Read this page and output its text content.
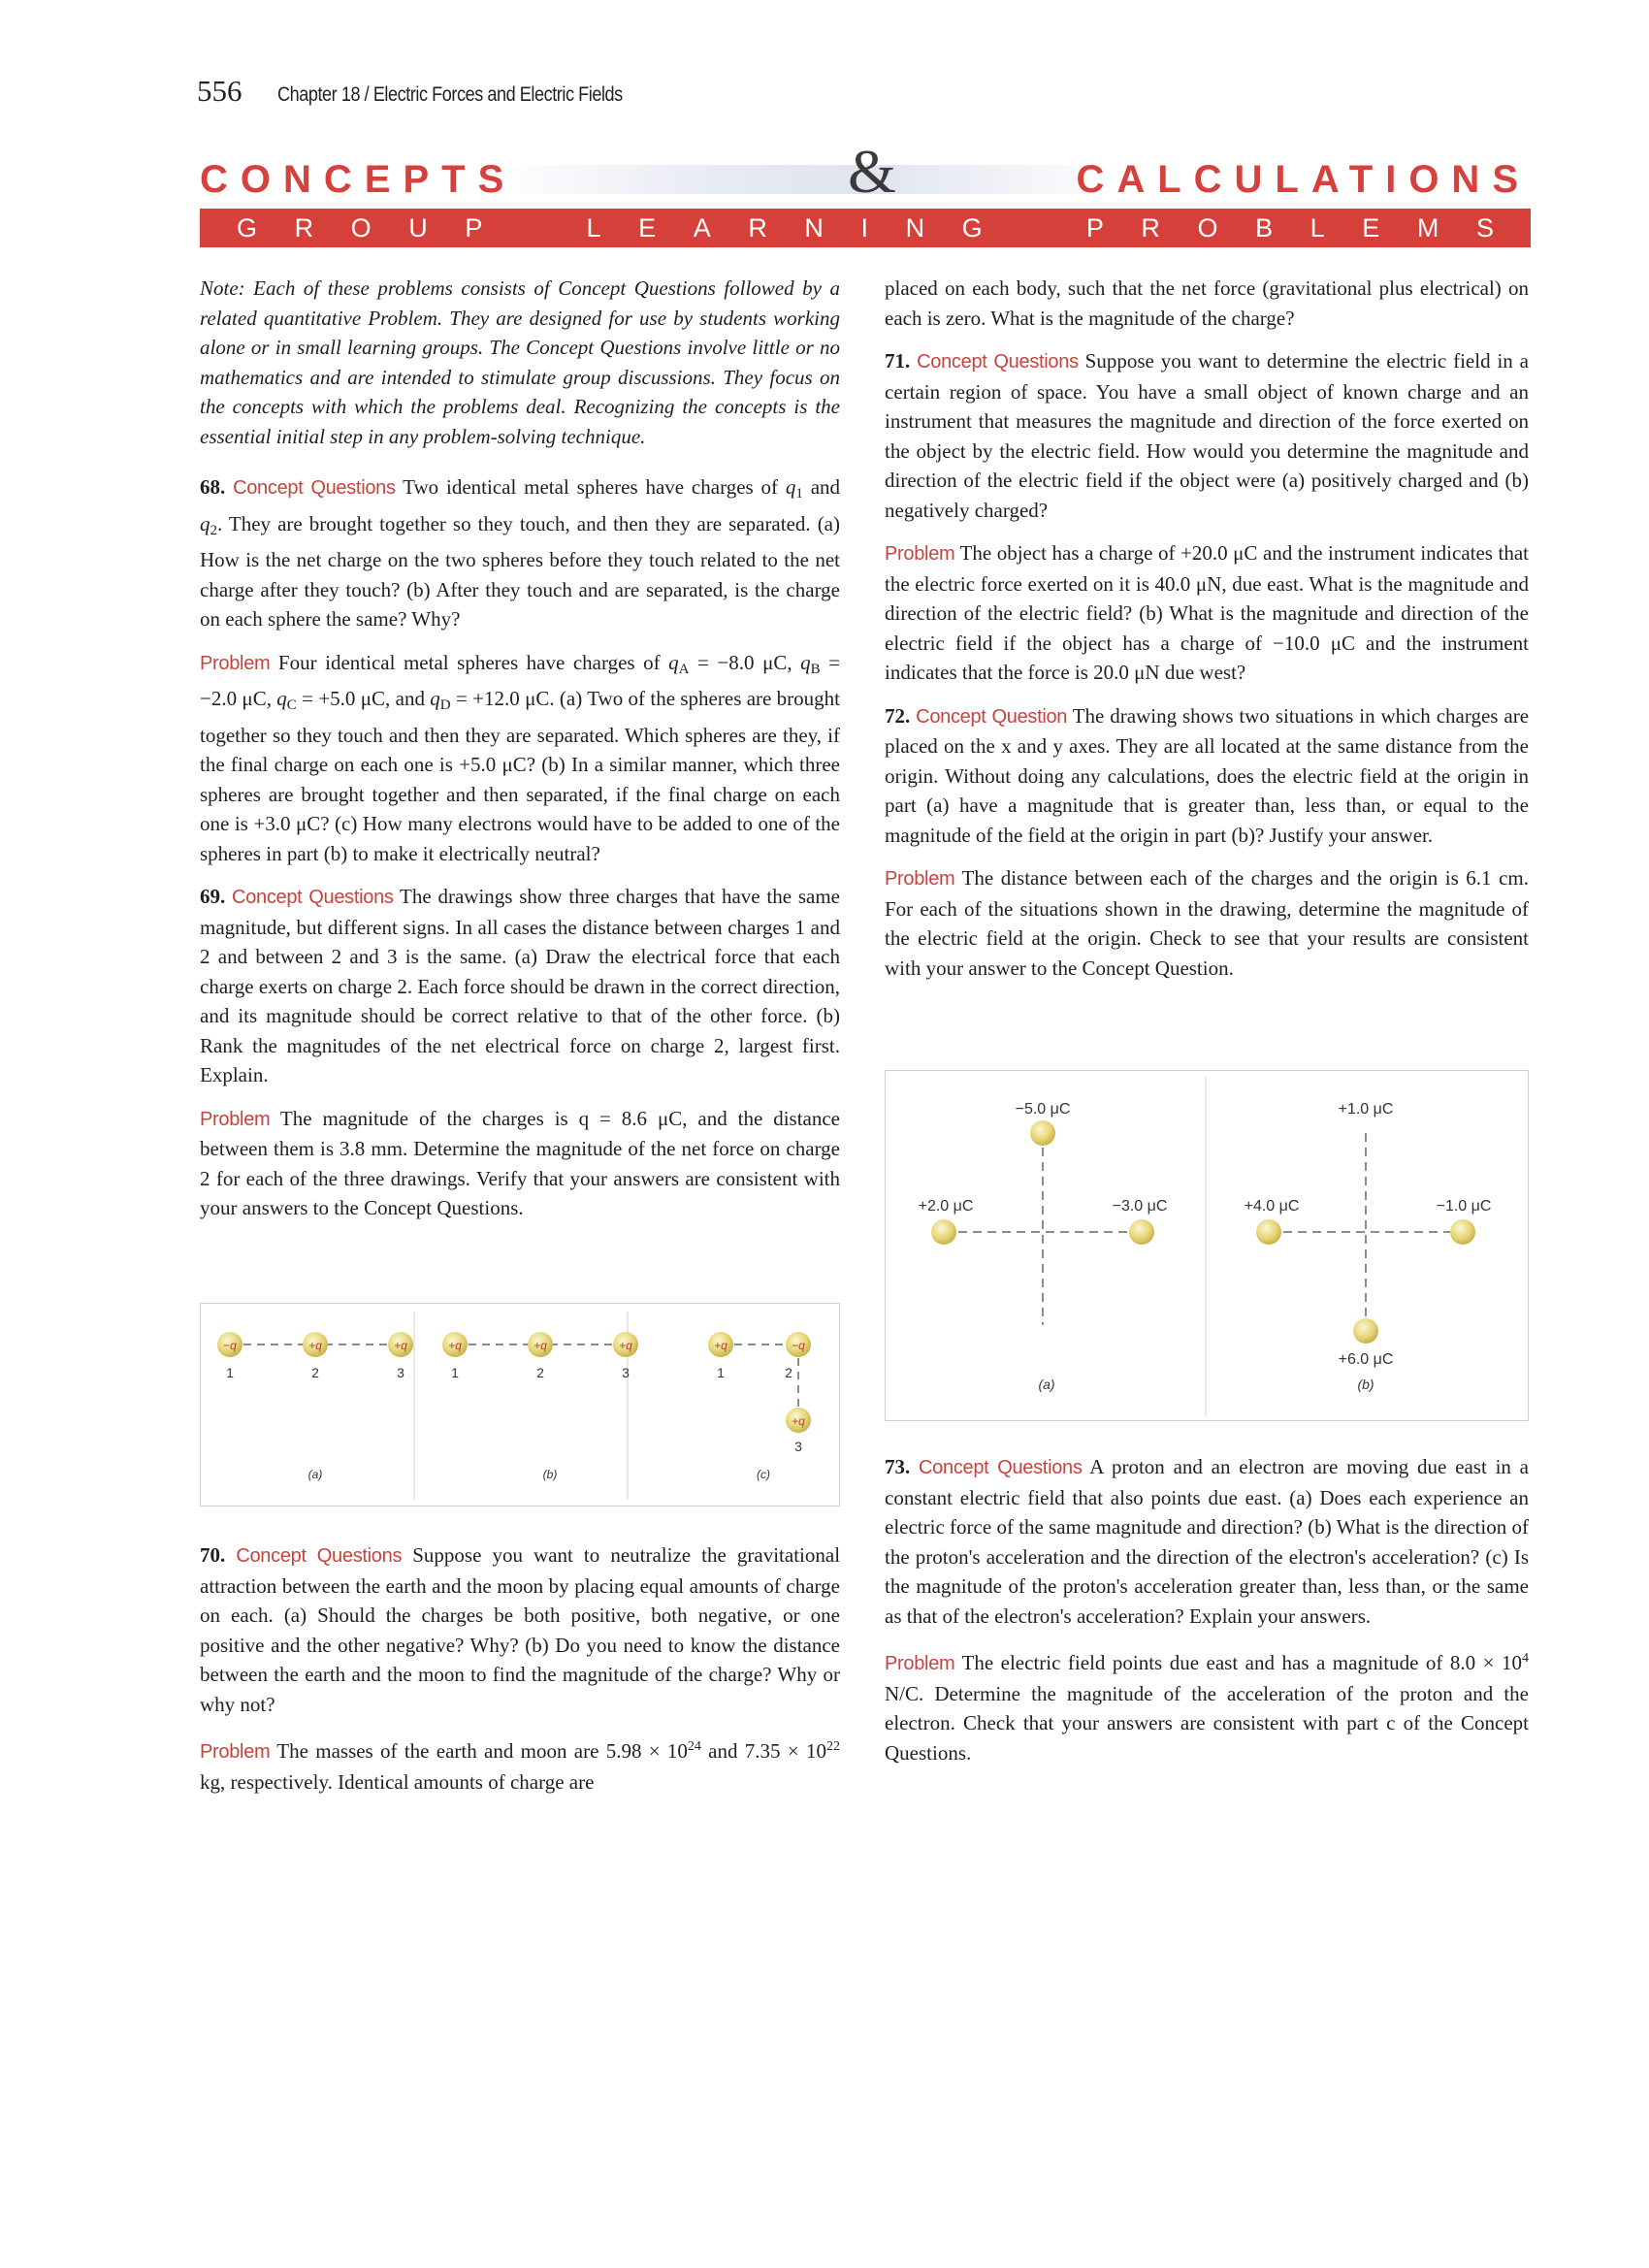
556 Chapter 18 / Electric Forces and Electric Fields
CONCEPTS	&	CALCULATIONS
G R O U P	L E A R N I N G	P R O B L E M S

Note: Each of these problems consists of Concept Questions followed by a related quantitative Problem. They are designed for use by students working alone or in small learning groups. The Concept Questions involve little or no mathematics and are intended to stimulate group discussions. They focus on the concepts with which the problems deal. Recognizing the concepts is the essential initial step in any problem-solving technique.

68. Concept Questions Two identical metal spheres have charges of $q_1$ and $q_2$. They are brought together so they touch, and then they are separated. (a) How is the net charge on the two spheres before they touch related to the net charge after they touch? (b) After they touch and are separated, is the charge on each sphere the same? Why?

Problem Four identical metal spheres have charges of $q_A = -8.0$ μC, $q_B = -2.0$ μC, $q_C = +5.0$ μC, and $q_D = +12.0$ μC. (a) Two of the spheres are brought together so they touch and then they are separated. Which spheres are they, if the final charge on each one is +5.0 μC? (b) In a similar manner, which three spheres are brought together and then separated, if the final charge on each one is +3.0 μC? (c) How many electrons would have to be added to one of the spheres in part (b) to make it electrically neutral?

69. Concept Questions The drawings show three charges that have the same magnitude, but different signs. In all cases the distance between charges 1 and 2 and between 2 and 3 is the same. (a) Draw the electrical force that each charge exerts on charge 2. Each force should be drawn in the correct direction, and its magnitude should be correct relative to that of the other force. (b) Rank the magnitudes of the net electrical force on charge 2, largest first. Explain.

Problem The magnitude of the charges is q = 8.6 μC, and the distance between them is 3.8 mm. Determine the magnitude of the net force on charge 2 for each of the three drawings. Verify that your answers are consistent with your answers to the Concept Questions.

−q	+q	+q
1	2	3
(a)
+q	+q	+q
1	2	3
(b)
+q	−q
+q
1	2
3
(c)

70. Concept Questions Suppose you want to neutralize the gravitational attraction between the earth and the moon by placing equal amounts of charge on each. (a) Should the charges be both positive, both negative, or one positive and the other negative? Why? (b) Do you need to know the distance between the earth and the moon to find the magnitude of the charge? Why or why not?

Problem The masses of the earth and moon are $5.98 \times 10^{24}$ and $7.35 \times 10^{22}$ kg, respectively. Identical amounts of charge are

placed on each body, such that the net force (gravitational plus electrical) on each is zero. What is the magnitude of the charge?

71. Concept Questions Suppose you want to determine the electric field in a certain region of space. You have a small object of known charge and an instrument that measures the magnitude and direction of the force exerted on the object by the electric field. How would you determine the magnitude and direction of the electric field if the object were (a) positively charged and (b) negatively charged?

Problem The object has a charge of +20.0 μC and the instrument indicates that the electric force exerted on it is 40.0 μN, due east. What is the magnitude and direction of the electric field? (b) What is the magnitude and direction of the electric field if the object has a charge of −10.0 μC and the instrument indicates that the force is 20.0 μN due west?

72. Concept Question The drawing shows two situations in which charges are placed on the x and y axes. They are all located at the same distance from the origin. Without doing any calculations, does the electric field at the origin in part (a) have a magnitude that is greater than, less than, or equal to the magnitude of the field at the origin in part (b)? Justify your answer.

Problem The distance between each of the charges and the origin is 6.1 cm. For each of the situations shown in the drawing, determine the magnitude of the electric field at the origin. Check to see that your results are consistent with your answer to the Concept Question.

−5.0 μC
+2.0 μC	−3.0 μC
(a)
+1.0 μC
+4.0 μC	−1.0 μC
+6.0 μC
(b)

73. Concept Questions A proton and an electron are moving due east in a constant electric field that also points due east. (a) Does each experience an electric force of the same magnitude and direction? (b) What is the direction of the proton's acceleration and the direction of the electron's acceleration? (c) Is the magnitude of the proton's acceleration greater than, less than, or the same as that of the electron's acceleration? Explain your answers.

Problem The electric field points due east and has a magnitude of $8.0 \times 10^4$ N/C. Determine the magnitude of the acceleration of the proton and the electron. Check that your answers are consistent with part c of the Concept Questions.
